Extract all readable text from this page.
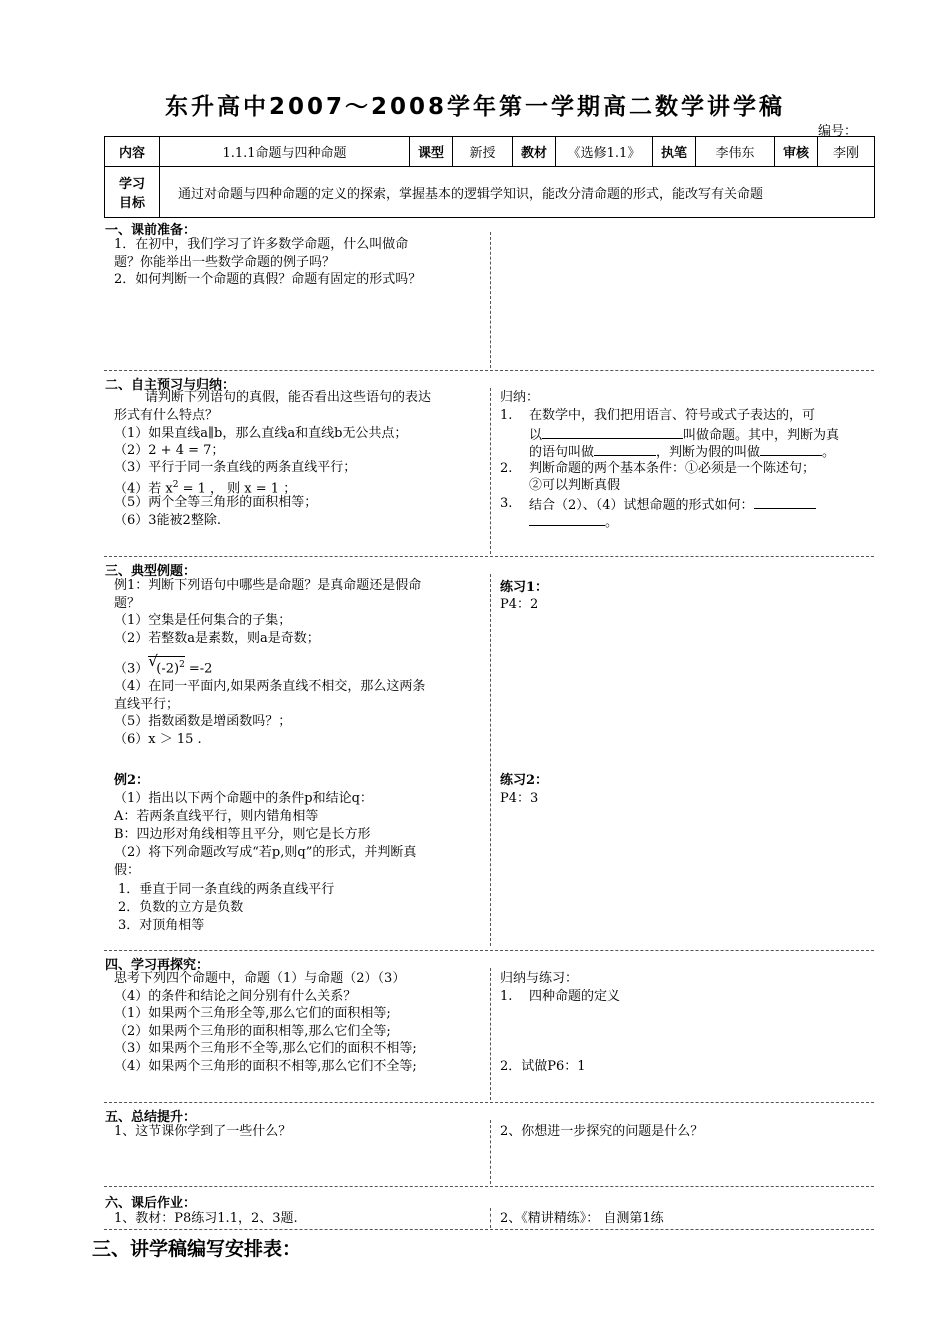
东升高中2007～2008学年第一学期高二数学讲学稿
编号：
内容	1.1.1命题与四种命题	课型	新授	教材	《选修1.1》	执笔	李伟东	审核	李刚
学习
目标	通过对命题与四种命题的定义的探索，掌握基本的逻辑学知识，能改分清命题的形式，能改写有关命题								
一、课前准备：
1．在初中，我们学习了许多数学命题，什么叫做命
题？你能举出一些数学命题的例子吗？
2．如何判断一个命题的真假？命题有固定的形式吗？
二、自主预习与归纳：
请判断下列语句的真假，能否看出这些语句的表达
形式有什么特点？
（1）如果直线a∥b，那么直线a和直线b无公共点；
（2）2 + 4 = 7；
（3）平行于同一条直线的两条直线平行；
（4）若 $x^2 = 1$ ， 则 x = 1 ；
（5）两个全等三角形的面积相等；
（6）3能被2整除.
归纳：
1. 在数学中，我们把用语言、符号或式子表达的，可
以	叫做命题。其中，判断为真
的语句叫做	，判断为假的叫做	。
2. 判断命题的两个基本条件：①必须是一个陈述句；
②可以判断真假
3. 结合（2）、（4）试想命题的形式如何：
。
三、典型例题：
例1：判断下列语句中哪些是命题？是真命题还是假命
题？
（1）空集是任何集合的子集；
（2）若整数a是素数，则a是奇数；
（3） √
$(-2)^2 =-2$
（4）在同一平面内,如果两条直线不相交，那么这两条
直线平行；
（5）指数函数是增函数吗？；
（6）x ＞ 15 .
练习1：
P4：2
例2：
（1）指出以下两个命题中的条件p和结论q：
A：若两条直线平行，则内错角相等
B：四边形对角线相等且平分，则它是长方形
（2）将下列命题改写成“若p,则q”的形式，并判断真
假：
1．垂直于同一条直线的两条直线平行
2．负数的立方是负数
3．对顶角相等
练习2：
P4：3
四、学习再探究：
思考下列四个命题中，命题（1）与命题（2）（3）
（4）的条件和结论之间分别有什么关系？
（1）如果两个三角形全等,那么它们的面积相等;
（2）如果两个三角形的面积相等,那么它们全等;
（3）如果两个三角形不全等,那么它们的面积不相等;
（4）如果两个三角形的面积不相等,那么它们不全等;
归纳与练习：
1. 四种命题的定义
2．试做P6：1
五、总结提升：
1、这节课你学到了一些什么？	2、你想进一步探究的问题是什么？
六、课后作业：
1、教材：P8练习1.1，2、3题.	2、《精讲精练》： 自测第1练
三、讲学稿编写安排表：
